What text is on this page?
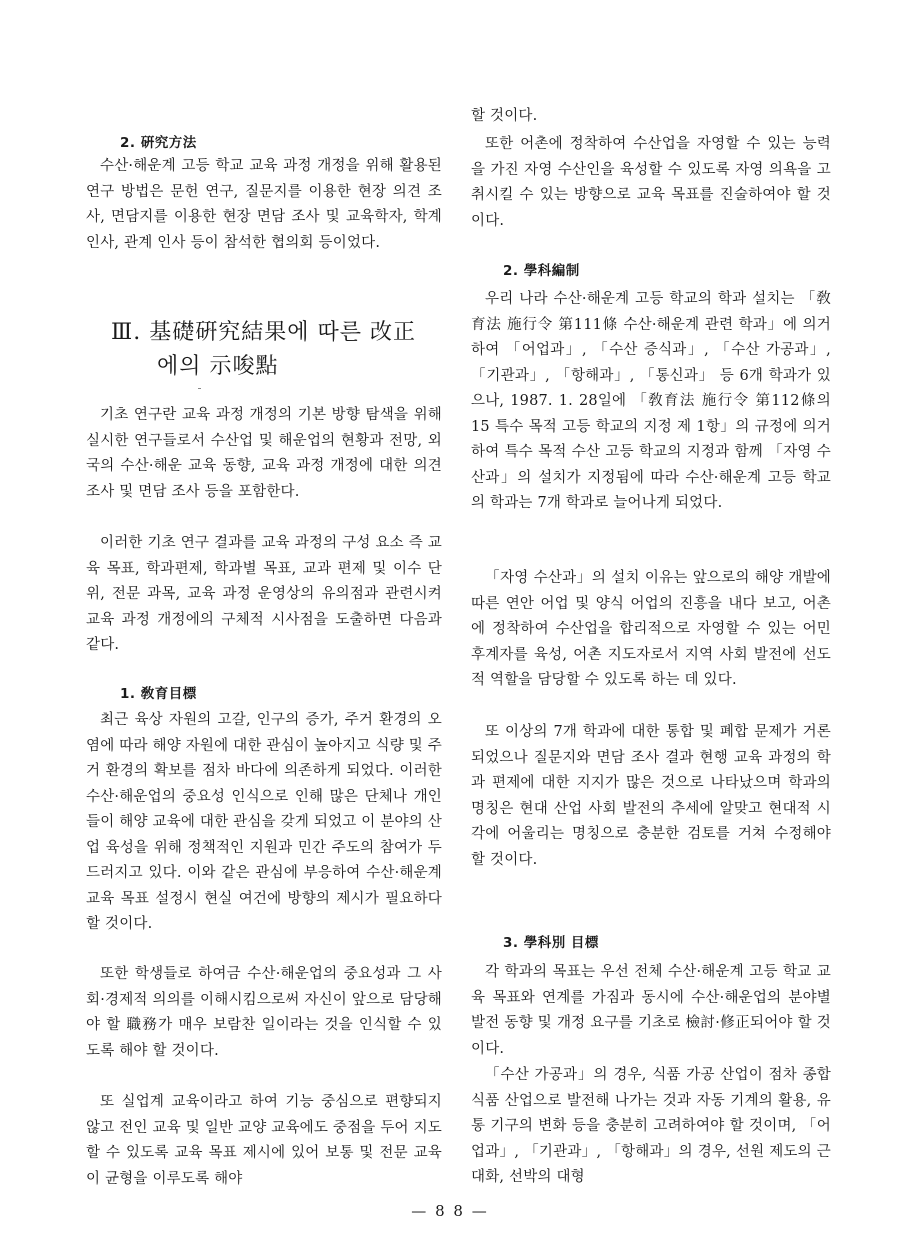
2. 硏究方法
수산·해운계 고등 학교 교육 과정 개정을 위해 활용된 연구 방법은 문헌 연구, 질문지를 이용한 현장 의견 조사, 면담지를 이용한 현장 면담 조사 및 교육학자, 학계 인사, 관계 인사 등이 참석한 협의회 등이었다.
Ⅲ. 基礎硏究結果에 따른 改正
에의 示唆點
기초 연구란 교육 과정 개정의 기본 방향 탐색을 위해 실시한 연구들로서 수산업 및 해운업의 현황과 전망, 외국의 수산·해운 교육 동향, 교육 과정 개정에 대한 의견 조사 및 면담 조사 등을 포함한다.
이러한 기초 연구 결과를 교육 과정의 구성 요소 즉 교육 목표, 학과편제, 학과별 목표, 교과 편제 및 이수 단위, 전문 과목, 교육 과정 운영상의 유의점과 관련시켜 교육 과정 개정에의 구체적 시사점을 도출하면 다음과 같다.
1. 敎育目標
최근 육상 자원의 고갈, 인구의 증가, 주거 환경의 오염에 따라 해양 자원에 대한 관심이 높아지고 식량 및 주거 환경의 확보를 점차 바다에 의존하게 되었다. 이러한 수산·해운업의 중요성 인식으로 인해 많은 단체나 개인들이 해양 교육에 대한 관심을 갖게 되었고 이 분야의 산업 육성을 위해 정책적인 지원과 민간 주도의 참여가 두드러지고 있다. 이와 같은 관심에 부응하여 수산·해운계 교육 목표 설정시 현실 여건에 방향의 제시가 필요하다 할 것이다.
또한 학생들로 하여금 수산·해운업의 중요성과 그 사회·경제적 의의를 이해시킴으로써 자신이 앞으로 담당해야 할 職務가 매우 보람찬 일이라는 것을 인식할 수 있도록 해야 할 것이다.
또 실업계 교육이라고 하여 기능 중심으로 편향되지 않고 전인 교육 및 일반 교양 교육에도 중점을 두어 지도할 수 있도록 교육 목표 제시에 있어 보통 및 전문 교육이 균형을 이루도록 해야
할 것이다.
또한 어촌에 정착하여 수산업을 자영할 수 있는 능력을 가진 자영 수산인을 육성할 수 있도록 자영 의욕을 고취시킬 수 있는 방향으로 교육 목표를 진술하여야 할 것이다.
2. 學科編制
우리 나라 수산·해운계 고등 학교의 학과 설치는 「敎育法 施行令 第111條 수산·해운계 관련 학과」에 의거하여 「어업과」, 「수산 증식과」, 「수산 가공과」, 「기관과」, 「항해과」, 「통신과」 등 6개 학과가 있으나, 1987. 1. 28일에 「敎育法 施行令 第112條의 15 특수 목적 고등 학교의 지정 제 1항」의 규정에 의거하여 특수 목적 수산 고등 학교의 지정과 함께 「자영 수산과」의 설치가 지정됨에 따라 수산·해운계 고등 학교의 학과는 7개 학과로 늘어나게 되었다.
「자영 수산과」의 설치 이유는 앞으로의 해양 개발에 따른 연안 어업 및 양식 어업의 진흥을 내다 보고, 어촌에 정착하여 수산업을 합리적으로 자영할 수 있는 어민 후계자를 육성, 어촌 지도자로서 지역 사회 발전에 선도적 역할을 담당할 수 있도록 하는 데 있다.
또 이상의 7개 학과에 대한 통합 및 폐합 문제가 거론되었으나 질문지와 면담 조사 결과 현행 교육 과정의 학과 편제에 대한 지지가 많은 것으로 나타났으며 학과의 명칭은 현대 산업 사회 발전의 추세에 알맞고 현대적 시각에 어울리는 명칭으로 충분한 검토를 거쳐 수정해야 할 것이다.
3. 學科別 目標
각 학과의 목표는 우선 전체 수산·해운계 고등 학교 교육 목표와 연계를 가짐과 동시에 수산·해운업의 분야별 발전 동향 및 개정 요구를 기초로 檢討·修正되어야 할 것이다.
「수산 가공과」의 경우, 식품 가공 산업이 점차 종합 식품 산업으로 발전해 나가는 것과 자동 기계의 활용, 유통 기구의 변화 등을 충분히 고려하여야 할 것이며, 「어업과」, 「기관과」, 「항해과」의 경우, 선원 제도의 근대화, 선박의 대형
— 8 8 —
